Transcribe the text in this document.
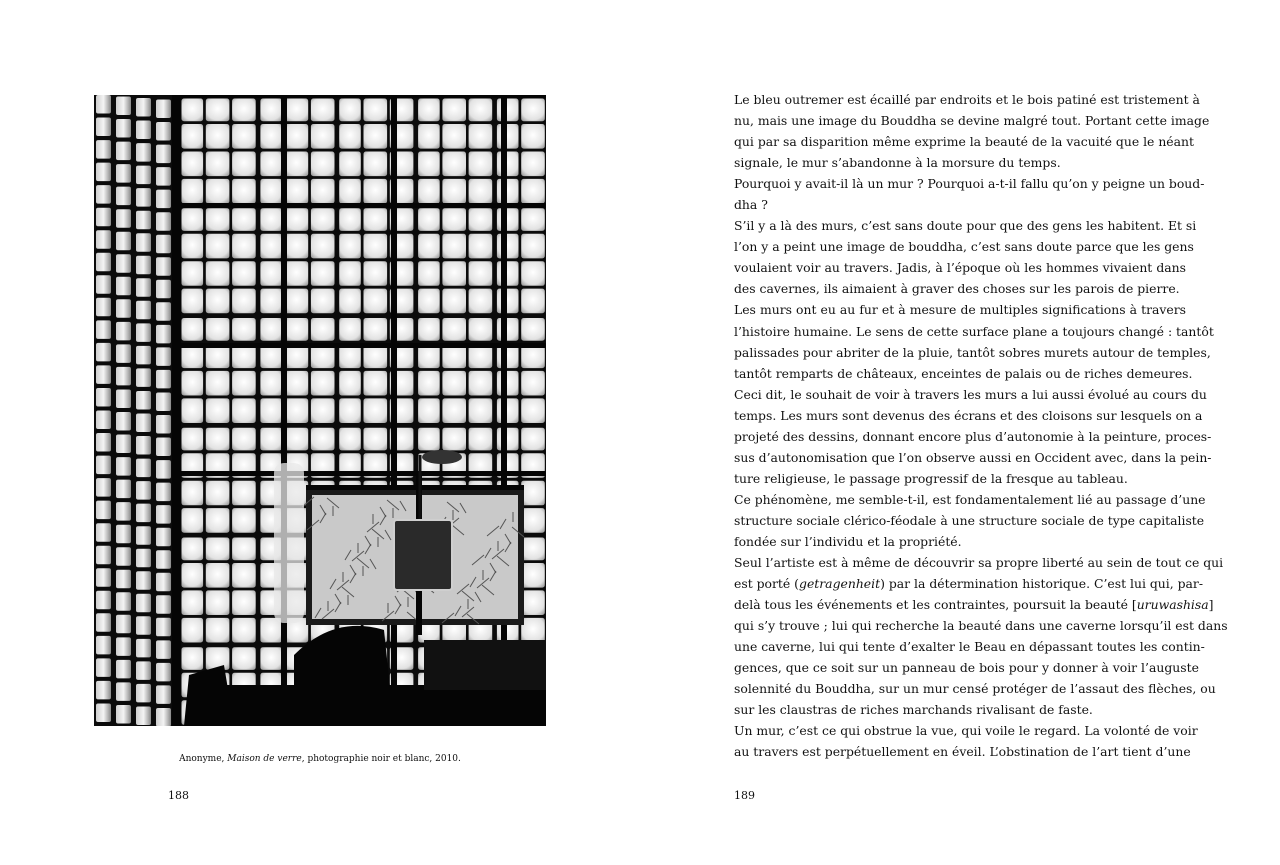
Anonyme, Maison de verre, photographie noir et blanc, 2010.
188
Le bleu outremer est écaillé par endroits et le bois patiné est tristement à
nu, mais une image du Bouddha se devine malgré tout. Portant cette image
qui par sa disparition même exprime la beauté de la vacuité que le néant
signale, le mur s’abandonne à la morsure du temps.
Pourquoi y avait-il là un mur ? Pourquoi a-t-il fallu qu’on y peigne un boud-
dha ?
S’il y a là des murs, c’est sans doute pour que des gens les habitent. Et si
l’on y a peint une image de bouddha, c’est sans doute parce que les gens
voulaient voir au travers. Jadis, à l’époque où les hommes vivaient dans
des cavernes, ils aimaient à graver des choses sur les parois de pierre.
Les murs ont eu au fur et à mesure de multiples significations à travers
l’histoire humaine. Le sens de cette surface plane a toujours changé : tantôt
palissades pour abriter de la pluie, tantôt sobres murets autour de temples,
tantôt remparts de châteaux, enceintes de palais ou de riches demeures.
Ceci dit, le souhait de voir à travers les murs a lui aussi évolué au cours du
temps. Les murs sont devenus des écrans et des cloisons sur lesquels on a
projeté des dessins, donnant encore plus d’autonomie à la peinture, proces-
sus d’autonomisation que l’on observe aussi en Occident avec, dans la pein-
ture religieuse, le passage progressif de la fresque au tableau.
Ce phénomène, me semble-t-il, est fondamentalement lié au passage d’une
structure sociale clérico-féodale à une structure sociale de type capitaliste
fondée sur l’individu et la propriété.
Seul l’artiste est à même de découvrir sa propre liberté au sein de tout ce qui
est porté (getragenheit) par la détermination historique. C’est lui qui, par-
delà tous les événements et les contraintes, poursuit la beauté [uruwashisa]
qui s’y trouve ; lui qui recherche la beauté dans une caverne lorsqu’il est dans
une caverne, lui qui tente d’exalter le Beau en dépassant toutes les contin-
gences, que ce soit sur un panneau de bois pour y donner à voir l’auguste
solennité du Bouddha, sur un mur censé protéger de l’assaut des flèches, ou
sur les claustras de riches marchands rivalisant de faste.
Un mur, c’est ce qui obstrue la vue, qui voile le regard. La volonté de voir
au travers est perpétuellement en éveil. L’obstination de l’art tient d’une
189
